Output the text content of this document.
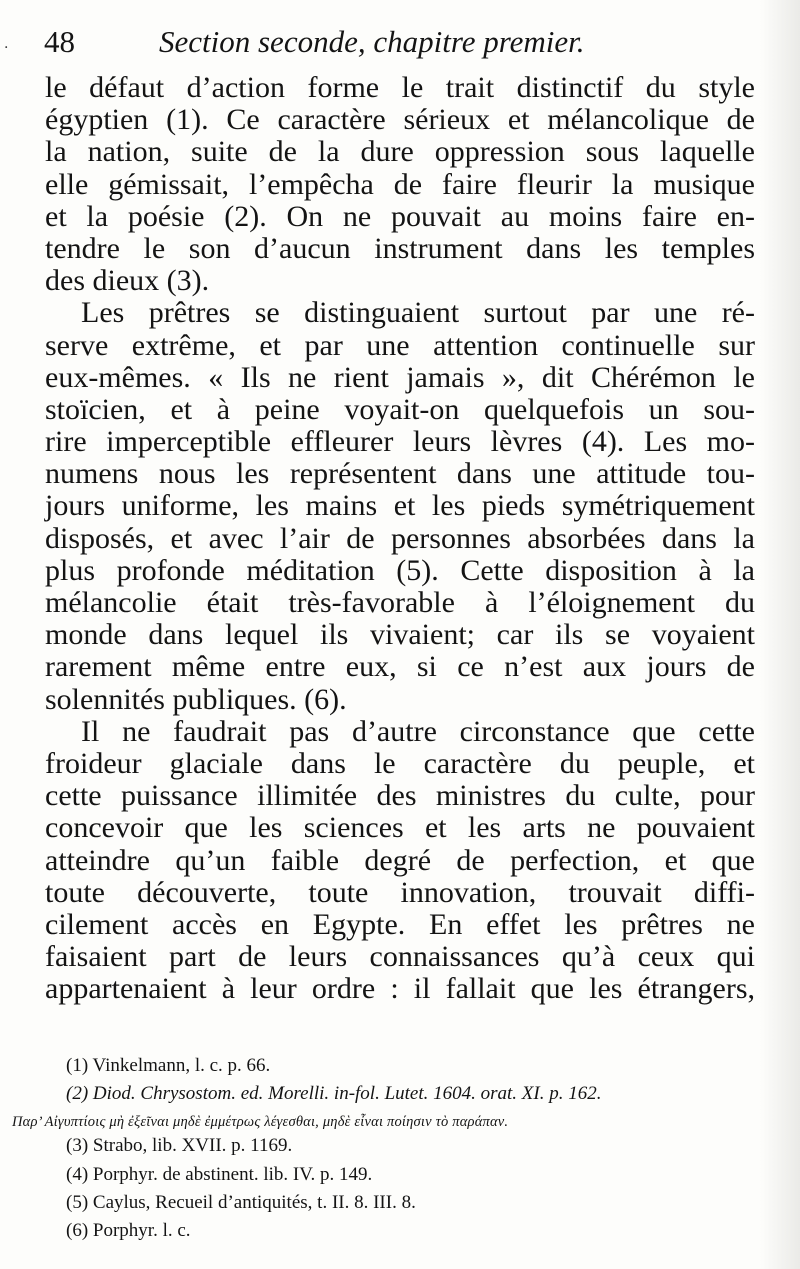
· 48	Section seconde, chapitre premier.
le défaut d’action forme le trait distinctif du style
égyptien (1). Ce caractère sérieux et mélancolique de
la nation, suite de la dure oppression sous laquelle
elle gémissait, l’empêcha de faire fleurir la musique
et la poésie (2). On ne pouvait au moins faire en-
tendre le son d’aucun instrument dans les temples
des dieux (3).
Les prêtres se distinguaient surtout par une ré-
serve extrême, et par une attention continuelle sur
eux-mêmes. « Ils ne rient jamais », dit Chérémon le
stoïcien, et à peine voyait-on quelquefois un sou-
rire imperceptible effleurer leurs lèvres (4). Les mo-
numens nous les représentent dans une attitude tou-
jours uniforme, les mains et les pieds symétriquement
disposés, et avec l’air de personnes absorbées dans la
plus profonde méditation (5). Cette disposition à la
mélancolie était très-favorable à l’éloignement du
monde dans lequel ils vivaient; car ils se voyaient
rarement même entre eux, si ce n’est aux jours de
solennités publiques. (6).
Il ne faudrait pas d’autre circonstance que cette
froideur glaciale dans le caractère du peuple, et
cette puissance illimitée des ministres du culte, pour
concevoir que les sciences et les arts ne pouvaient
atteindre qu’un faible degré de perfection, et que
toute découverte, toute innovation, trouvait diffi-
cilement accès en Egypte. En effet les prêtres ne
faisaient part de leurs connaissances qu’à ceux qui
appartenaient à leur ordre : il fallait que les étrangers,
(1) Vinkelmann, l. c. p. 66.
(2) Diod. Chrysostom. ed. Morelli. in-fol. Lutet. 1604. orat. XI. p. 162.
Παρ’ Αἰγυπτίοις μὴ ἐξεῖναι μηδὲ ἐμμέτρως λέγεσθαι, μηδὲ εἶναι ποίησιν τὸ παράπαν.
(3) Strabo, lib. XVII. p. 1169.
(4) Porphyr. de abstinent. lib. IV. p. 149.
(5) Caylus, Recueil d’antiquités, t. II. 8. III. 8.
(6) Porphyr. l. c.
